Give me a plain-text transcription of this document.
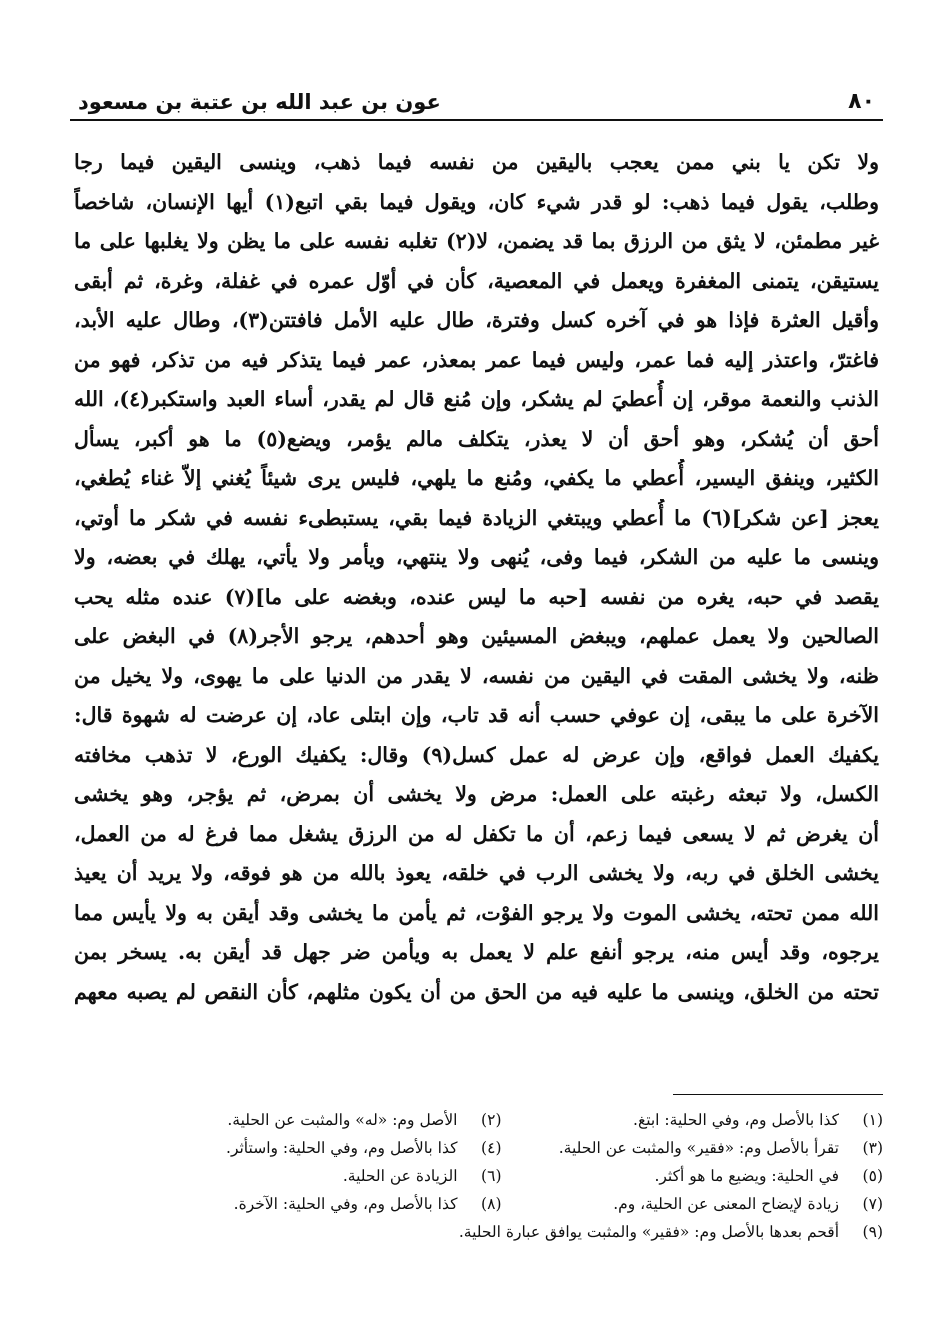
٨٠
عون بن عبد الله بن عتبة بن مسعود
ولا تكن يا بني ممن يعجب باليقين من نفسه فيما ذهب، وينسى اليقين فيما رجا
وطلب، يقول فيما ذهب: لو قدر شيء كان، ويقول فيما بقي اتبع(١) أيها الإنسان، شاخصاً
غير مطمئن، لا يثق من الرزق بما قد يضمن، لا(٢) تغلبه نفسه على ما يظن ولا يغلبها على ما
يستيقن، يتمنى المغفرة ويعمل في المعصية، كأن في أوّل عمره في غفلة، وغرة، ثم أبقى
وأقيل العثرة فإذا هو في آخره كسل وفترة، طال عليه الأمل فافتتن(٣)، وطال عليه الأبد،
فاغترّ، واعتذر إليه فما عمر، وليس فيما عمر بمعذر، عمر فيما يتذكر فيه من تذكر، فهو من
الذنب والنعمة موقر، إن أُعطيَ لم يشكر، وإن مُنع قال لم يقدر، أساء العبد واستكبر(٤)، الله
أحق أن يُشكر، وهو أحق أن لا يعذر، يتكلف مالم يؤمر، ويضع(٥) ما هو أكبر، يسأل
الكثير، وينفق اليسير، أُعطي ما يكفي، ومُنع ما يلهي، فليس يرى شيئاً يُغني إلاّ غناء يُطغي،
يعجز [عن شكر](٦) ما أُعطي ويبتغي الزيادة فيما بقي، يستبطىء نفسه في شكر ما أوتي،
وينسى ما عليه من الشكر، فيما وفى، يُنهى ولا ينتهي، ويأمر ولا يأتي، يهلك في بعضه، ولا
يقصد في حبه، يغره من نفسه [حبه ما ليس عنده، وبغضه على ما](٧) عنده مثله يحب
الصالحين ولا يعمل عملهم، ويبغض المسيئين وهو أحدهم، يرجو الأجر(٨) في البغض على
ظنه، ولا يخشى المقت في اليقين من نفسه، لا يقدر من الدنيا على ما يهوى، ولا يخيل من
الآخرة على ما يبقى، إن عوفي حسب أنه قد تاب، وإن ابتلى عاد، إن عرضت له شهوة قال:
يكفيك العمل فواقع، وإن عرض له عمل كسل(٩) وقال: يكفيك الورع، لا تذهب مخافته
الكسل، ولا تبعثه رغبته على العمل: مرض ولا يخشى أن بمرض، ثم يؤجر، وهو يخشى
أن يغرض ثم لا يسعى فيما زعم، أن ما تكفل له من الرزق يشغل مما فرغ له من العمل،
يخشى الخلق في ربه، ولا يخشى الرب في خلقه، يعوذ بالله من هو فوقه، ولا يريد أن يعيذ
الله ممن تحته، يخشى الموت ولا يرجو الفوْت، ثم يأمن ما يخشى وقد أيقن به ولا يأيس مما
يرجوه، وقد أيس منه، يرجو أنفع علم لا يعمل به ويأمن ضر جهل قد أيقن به. يسخر بمن
تحته من الخلق، وينسى ما عليه فيه من الحق من أن يكون مثلهم، كأن النقص لم يصبه معهم
(١)
كذا بالأصل وم، وفي الحلية: ابتغ.
(٢)
الأصل وم: «له» والمثبت عن الحلية.
(٣)
تقرأ بالأصل وم: «فقير» والمثبت عن الحلية.
(٤)
كذا بالأصل وم، وفي الحلية: واستأثر.
(٥)
في الحلية: ويضيع ما هو أكثر.
(٦)
الزيادة عن الحلية.
(٧)
زيادة لإيضاح المعنى عن الحلية، وم.
(٨)
كذا بالأصل وم، وفي الحلية: الآخرة.
(٩)
أقحم بعدها بالأصل وم: «فقير» والمثبت يوافق عبارة الحلية.
